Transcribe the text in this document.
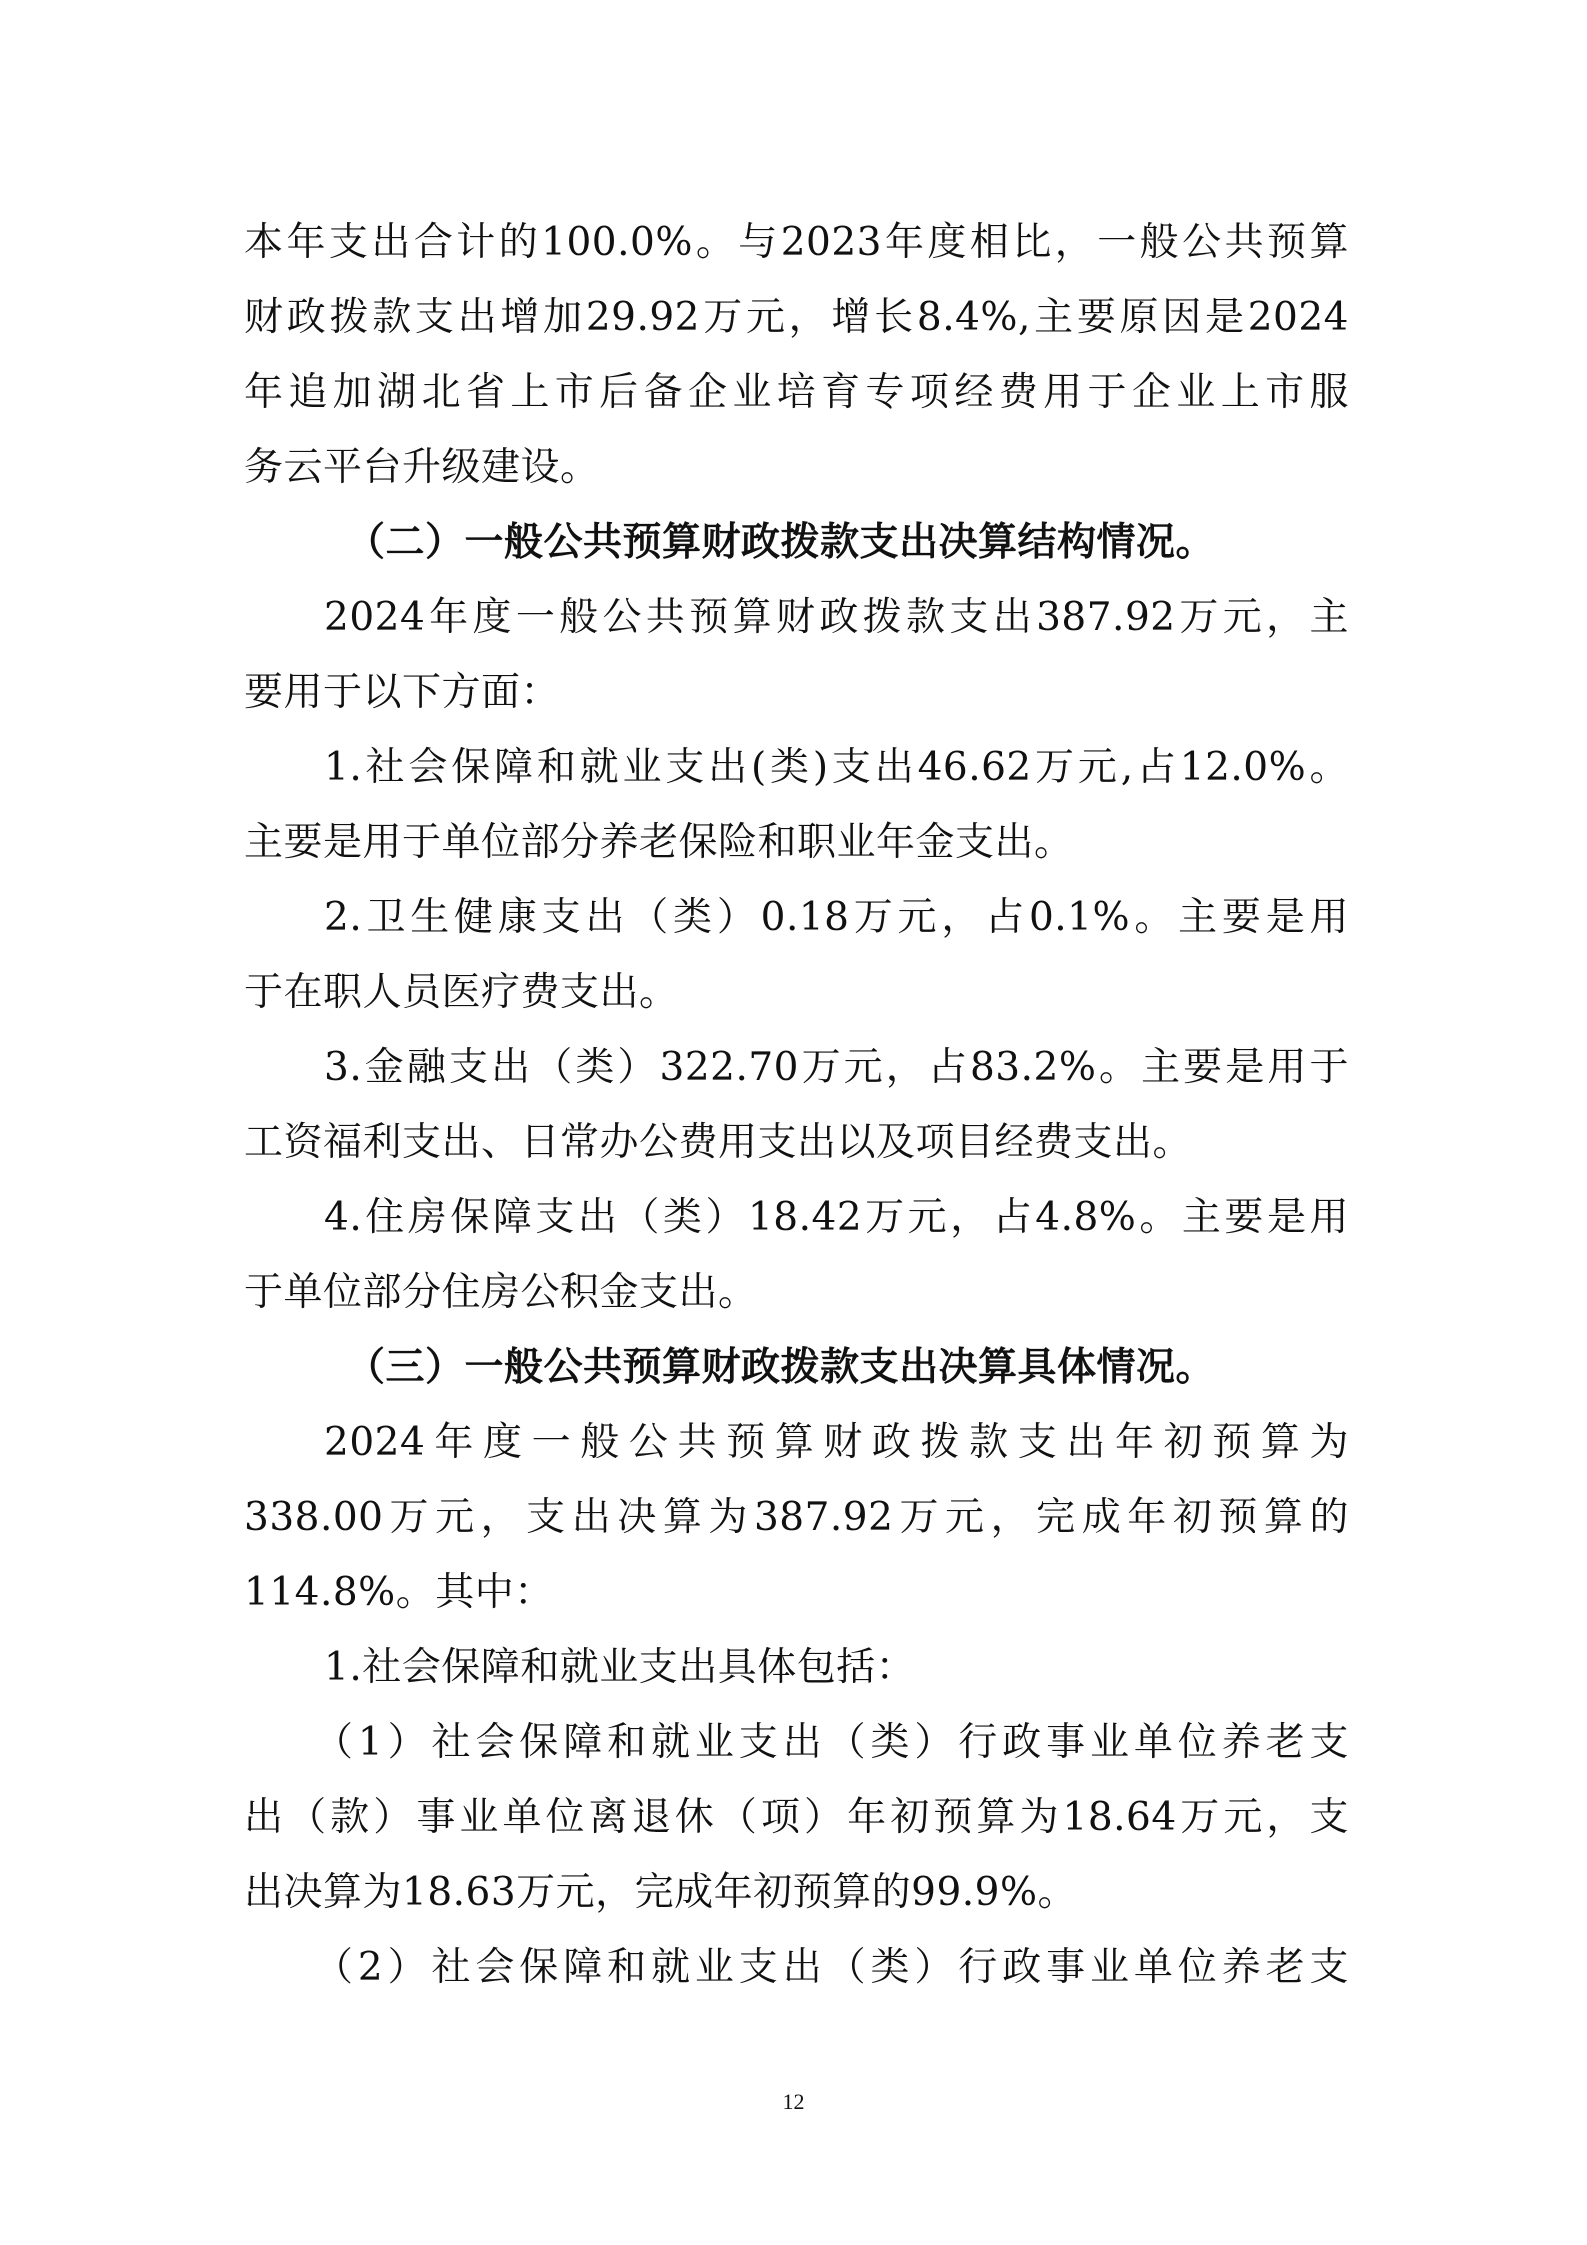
本年支出合计的100.0%。与2023年度相比，一般公共预算
财政拨款支出增加29.92万元，增长8.4%,主要原因是2024
年追加湖北省上市后备企业培育专项经费用于企业上市服
务云平台升级建设。
（二）一般公共预算财政拨款支出决算结构情况。
2024年度一般公共预算财政拨款支出387.92万元，主
要用于以下方面：
1.社会保障和就业支出(类)支出46.62万元,占12.0%。
主要是用于单位部分养老保险和职业年金支出。
2.卫生健康支出（类）0.18万元，占0.1%。主要是用
于在职人员医疗费支出。
3.金融支出（类）322.70万元，占83.2%。主要是用于
工资福利支出、日常办公费用支出以及项目经费支出。
4.住房保障支出（类）18.42万元，占4.8%。主要是用
于单位部分住房公积金支出。
（三）一般公共预算财政拨款支出决算具体情况。
2024年度一般公共预算财政拨款支出年初预算为
338.00万元，支出决算为387.92万元，完成年初预算的
114.8%。其中：
1.社会保障和就业支出具体包括：
（1）社会保障和就业支出（类）行政事业单位养老支
出（款）事业单位离退休（项）年初预算为18.64万元，支
出决算为18.63万元，完成年初预算的99.9%。
（2）社会保障和就业支出（类）行政事业单位养老支
12
